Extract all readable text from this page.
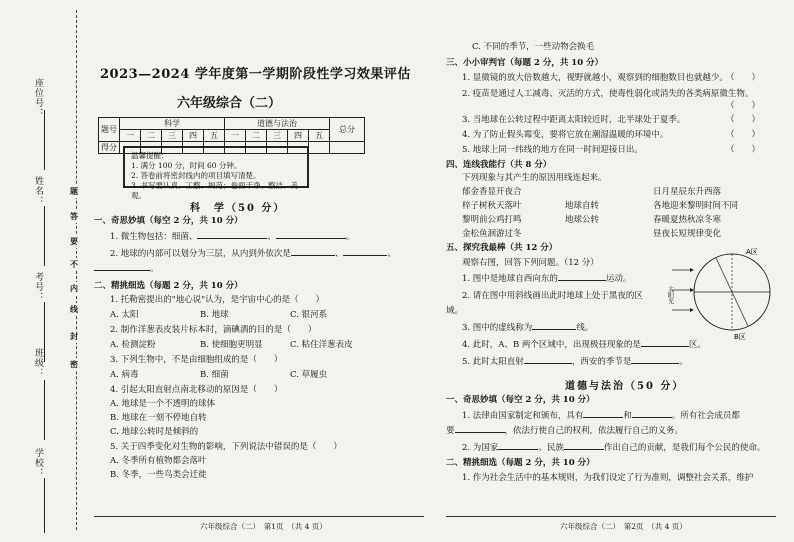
座位号：
姓名：
考号：
班级：
学校：
题
答
要
不
内
线
封
密
2023—2024 学年度第一学期阶段性学习效果评估
六年级综合（二）
题号	科学					道德与法治					总分
	一	二	三	四	五	一	二	三	四	五	
得分											
温馨提醒：
1. 满分 100 分，时间 60 分钟。
2. 答卷前将密封线内的项目填写清楚。
3. 书写要认真、工整、规范；卷面干净、整洁、美观。
科　学（50 分）
一、奇思妙填（每空 2 分，共 10 分）
1. 微生物包括：细菌、	、	。
2. 地球的内部可以划分为三层，从内到外依次是	、	、
。
二、精挑细选（每题 2 分，共 10 分）
1. 托勒密提出的"地心说"认为，是宇宙中心的是（　　）
A. 太阳	B. 地球	C. 银河系
2. 制作洋葱表皮装片标本时，滴碘酒的目的是（　　）
A. 检测淀粉	B. 使细胞更明显	C. 粘住洋葱表皮
3. 下列生物中，不是由细胞组成的是（　　）
A. 病毒	B. 细菌	C. 草履虫
4. 引起太阳直射点南北移动的原因是（　　）
A. 地球是一个不透明的球体
B. 地球在一刻不停地自转
C. 地球公转时是倾斜的
5. 关于四季变化对生物的影响，下列说法中错误的是（　　）
A. 冬季所有植物都会落叶
B. 冬季，一些鸟类会迁徙
C. 不同的季节，一些动物会换毛
三、小小审判官（每题 2 分，共 10 分）
1. 显微镜的放大倍数越大，视野就越小，观察到的细胞数目也就越少。
（　　）
2. 疫苗是通过人工减毒、灭活的方式，使毒性弱化或消失的各类病原微生物。
（　　）
3. 当地球在公转过程中距离太阳较近时，北半球处于夏季。	（　　）
4. 为了防止假头霉变，要将它放在潮湿温暖的环境中。	（　　）
5. 地球上同一纬线的地方在同一时间迎接日出。	（　　）
四、连线我能行（共 8 分）
下列现象与其产生的原因用线连起来。
郁金香显开夜合
梓子树秋天落叶
黎明前公鸡打鸣
金松鱼洄游过冬
地球自转
地球公转
日月星辰东升西落
各地迎来黎明时间不同
春暖夏热秋凉冬寒
昼夜长短规律变化
五、探究我最棒（共 12 分）
观察右图，回答下列问题。（12 分）
1. 图中是地球自西向东的	运动。
2. 请在图中用斜线画出此时地球上处于黑夜的区
域。
3. 图中的虚线称为	线。
4. 此时，A、B 两个区域中，出现极昼现象的是	区。
5. 此时太阳直射	，西安的季节是	。
太阳光
A区
B区
道德与法治（50 分）
一、奇思妙填（每空 2 分，共 10 分）
1. 法律由国家制定和颁布，具有	和	。所有社会成员都
要	，依法行使自己的权利，依法履行自己的义务。
2. 为国家	、民族	作出自己的贡献，是我们每个公民的使命。
二、精挑细选（每题 2 分，共 10 分）
1. 作为社会生活中的基本规则，为我们设定了行为准则，调整社会关系，维护
六年级综合（二）　第1页　（共 4 页）	六年级综合（二）　第2页　（共 4 页）
